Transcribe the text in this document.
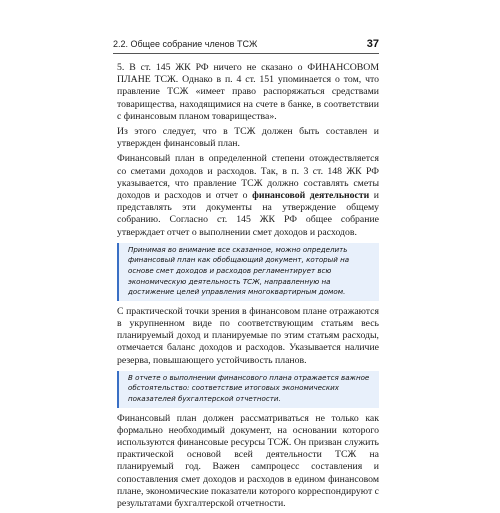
2.2. Общее собрание членов ТСЖ	37

5. В ст. 145 ЖК РФ ничего не сказано о ФИНАНСОВОМ ПЛАНЕ ТСЖ. Однако в п. 4 ст. 151 упоминается о том, что правление ТСЖ «имеет право распоряжаться средствами товарищества, находящимися на счете в банке, в соответствии с финансовым планом товарищества».

Из этого следует, что в ТСЖ должен быть составлен и утвержден финансовый план.

Финансовый план в определенной степени отождествляется со сметами доходов и расходов. Так, в п. 3 ст. 148 ЖК РФ указывается, что правление ТСЖ должно составлять сметы доходов и расходов и отчет о финансовой деятельности и представлять эти документы на утверждение общему собранию. Согласно ст. 145 ЖК РФ общее собрание утверждает отчет о выполнении смет доходов и расходов.

Принимая во внимание все сказанное, можно определить финансовый план как обобщающий документ, который на основе смет доходов и расходов регламентирует всю экономическую деятельность ТСЖ, направленную на достижение целей управления многоквартирным домом.

С практической точки зрения в финансовом плане отражаются в укрупненном виде по соответствующим статьям весь планируемый доход и планируемые по этим статьям расходы, отмечается баланс доходов и расходов. Указывается наличие резерва, повышающего устойчивость планов.

В отчете о выполнении финансового плана отражается важное обстоятельство: соответствие итоговых экономических показателей бухгалтерской отчетности.

Финансовый план должен рассматриваться не только как формально необходимый документ, на основании которого используются финансовые ресурсы ТСЖ. Он призван служить практической основой всей деятельности ТСЖ на планируемый год. Важен сампроцесс составления и сопоставления смет доходов и расходов в едином финансовом плане, экономические показатели которого корреспондируют с результатами бухгалтерской отчетности.
